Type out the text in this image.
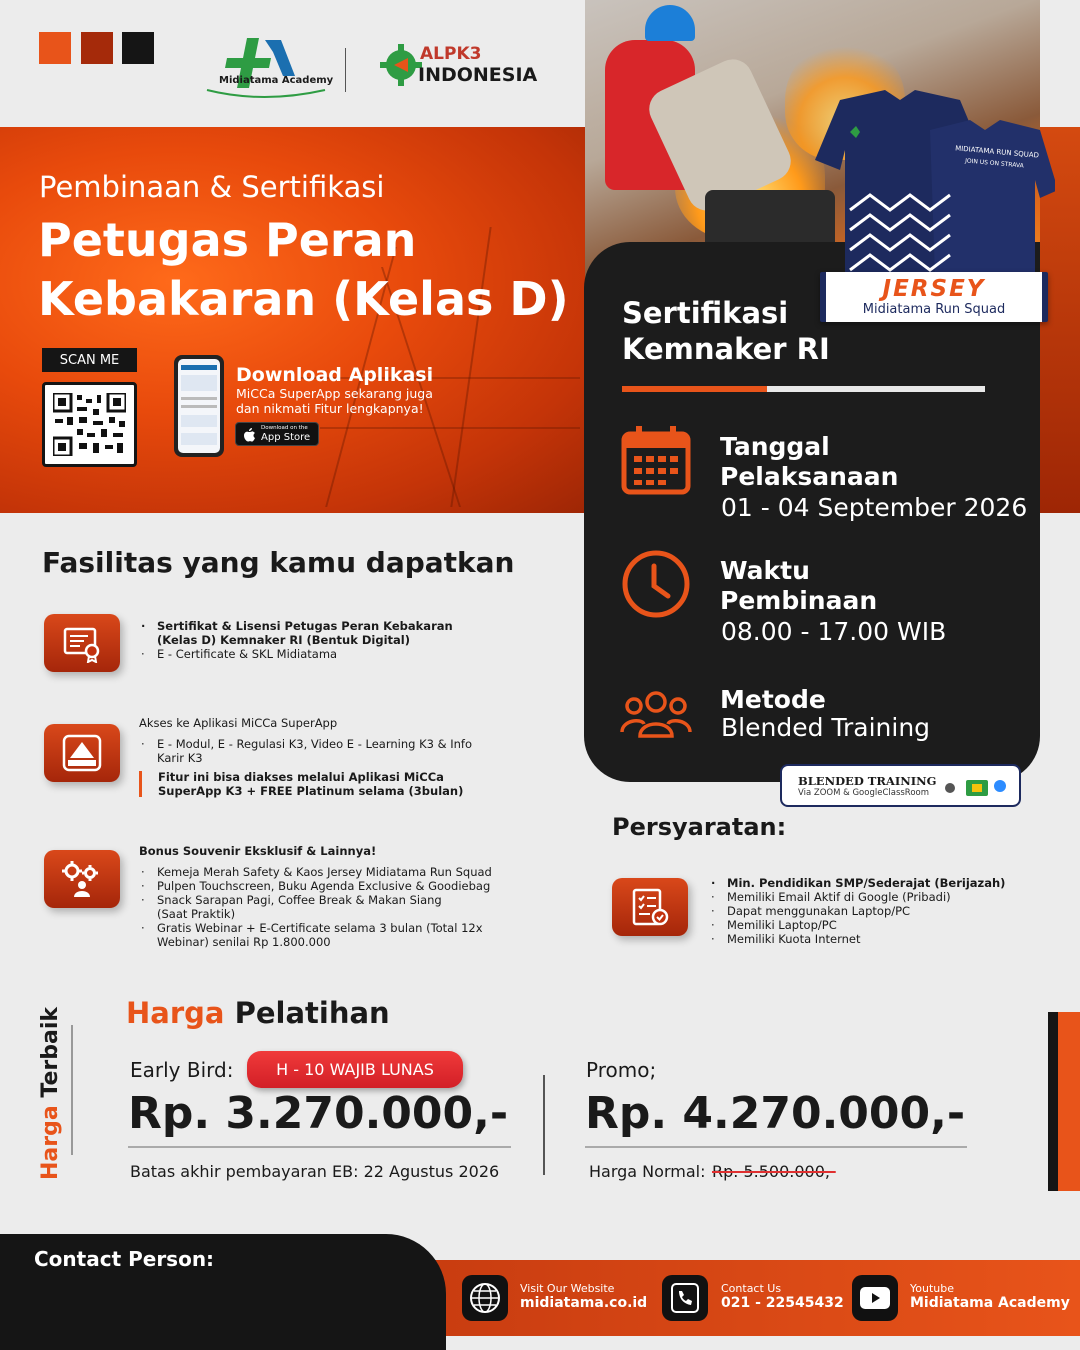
Midiatama Academy
ALPK3
INDONESIA
Pembinaan & Sertifikasi
Petugas Peran
Kebakaran (Kelas D)
SCAN ME
Download Aplikasi
MiCCa SuperApp sekarang juga
dan nikmati Fitur lengkapnya!
Download on the
App Store
MIDIATAMA RUN SQUAD
JOIN US ON STRAVA
JERSEY
Midiatama Run Squad
Sertifikasi
Kemnaker RI
Tanggal
Pelaksanaan
01 - 04 September 2026
Waktu
Pembinaan
08.00 - 17.00 WIB
Metode
Blended Training
BLENDED TRAINING
Via ZOOM & GoogleClassRoom
Fasilitas yang kamu dapatkan
· Sertifikat & Lisensi Petugas Peran Kebakaran
(Kelas D) Kemnaker RI (Bentuk Digital)
· E - Certificate & SKL Midiatama
Akses ke Aplikasi MiCCa SuperApp
· E - Modul, E - Regulasi K3, Video E - Learning K3 & Info
Karir K3
Fitur ini bisa diakses melalui Aplikasi MiCCa
SuperApp K3 + FREE Platinum selama (3bulan)
Bonus Souvenir Eksklusif & Lainnya!
· Kemeja Merah Safety & Kaos Jersey Midiatama Run Squad
· Pulpen Touchscreen, Buku Agenda Exclusive & Goodiebag
· Snack Sarapan Pagi, Coffee Break & Makan Siang
(Saat Praktik)
· Gratis Webinar + E-Certificate selama 3 bulan (Total 12x
Webinar) senilai Rp 1.800.000
Persyaratan:
· Min. Pendidikan SMP/Sederajat (Berijazah)
· Memiliki Email Aktif di Google (Pribadi)
· Dapat menggunakan Laptop/PC
· Memiliki Laptop/PC
· Memiliki Kuota Internet
Harga Terbaik Harga Pelatihan
Early Bird:	H - 10 WAJIB LUNAS
Rp. 3.270.000,-
Batas akhir pembayaran EB: 22 Agustus 2026
Promo;
Rp. 4.270.000,-
Harga Normal: Rp. 5.500.000,-
Contact Person:
Visit Our Website
midiatama.co.id
Contact Us
021 - 22545432
Youtube
Midiatama Academy
